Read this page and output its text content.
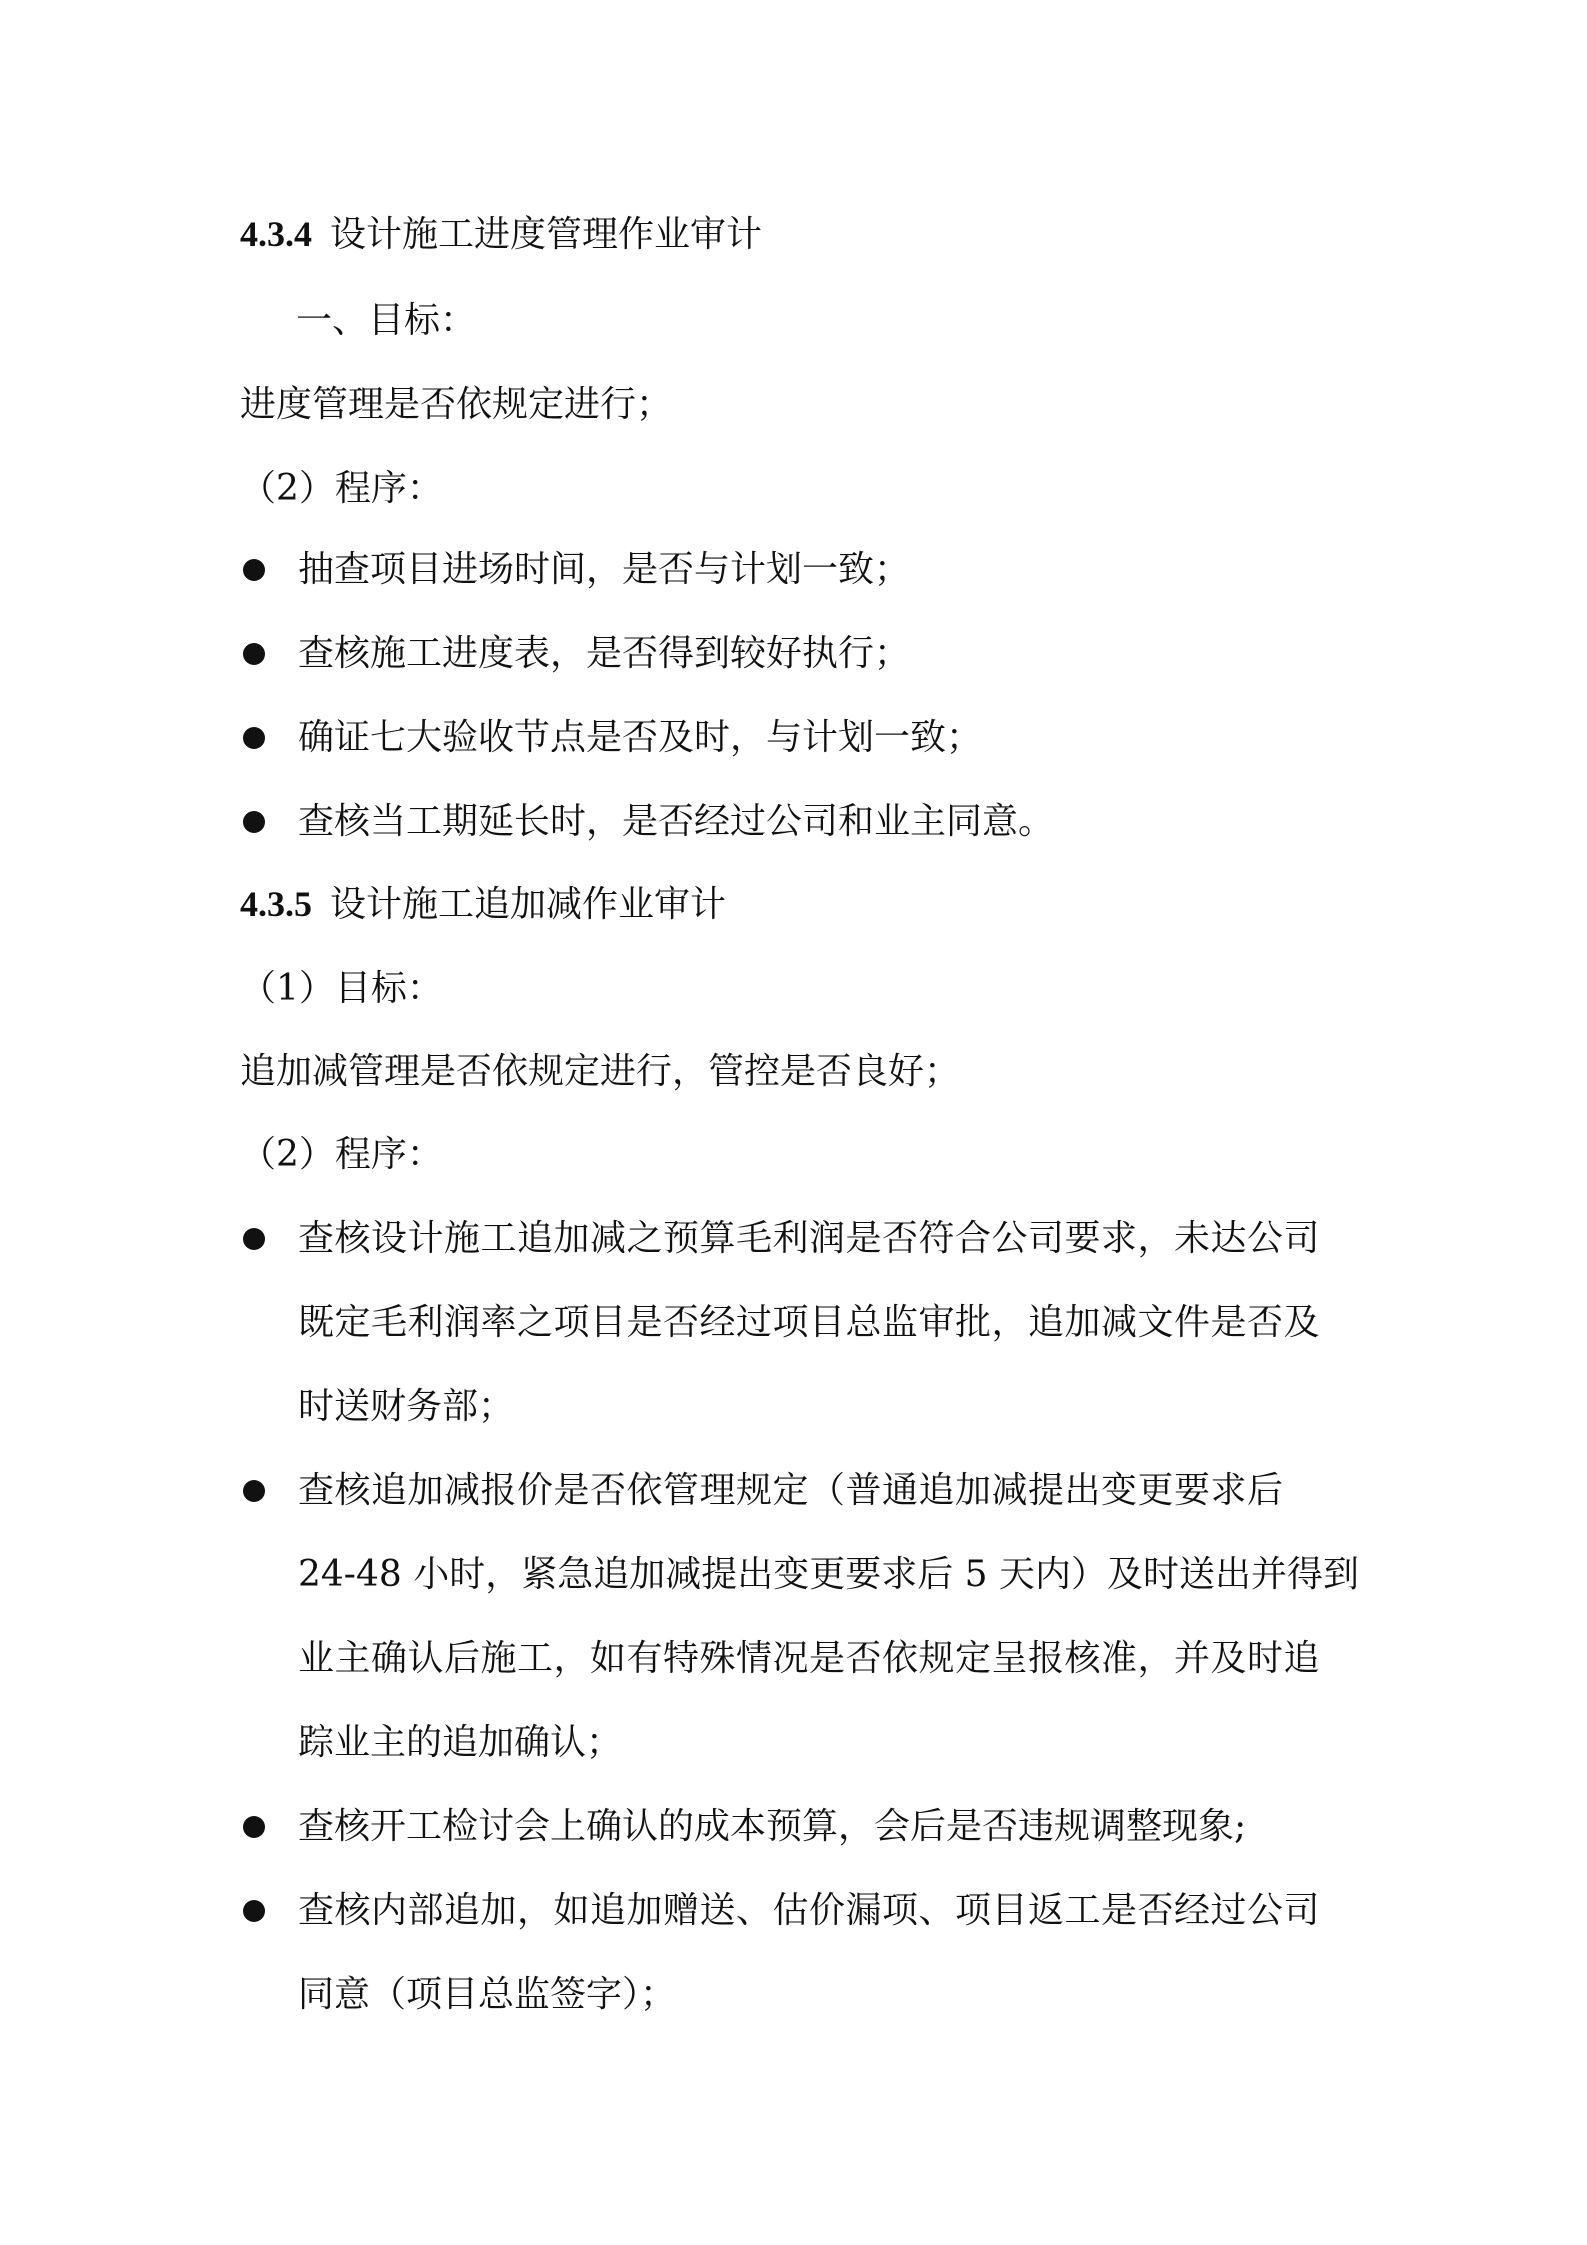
4.3.4 设计施工进度管理作业审计
一、目标：
进度管理是否依规定进行；
（2）程序：
抽查项目进场时间，是否与计划一致；
查核施工进度表，是否得到较好执行；
确证七大验收节点是否及时，与计划一致；
查核当工期延长时，是否经过公司和业主同意。
4.3.5 设计施工追加减作业审计
（1）目标：
追加减管理是否依规定进行，管控是否良好；
（2）程序：
查核设计施工追加减之预算毛利润是否符合公司要求，未达公司
既定毛利润率之项目是否经过项目总监审批，追加减文件是否及
时送财务部；
查核追加减报价是否依管理规定（普通追加减提出变更要求后
24-48 小时，紧急追加减提出变更要求后 5 天内）及时送出并得到
业主确认后施工，如有特殊情况是否依规定呈报核准，并及时追
踪业主的追加确认；
查核开工检讨会上确认的成本预算，会后是否违规调整现象;
查核内部追加，如追加赠送、估价漏项、项目返工是否经过公司
同意（项目总监签字）；
